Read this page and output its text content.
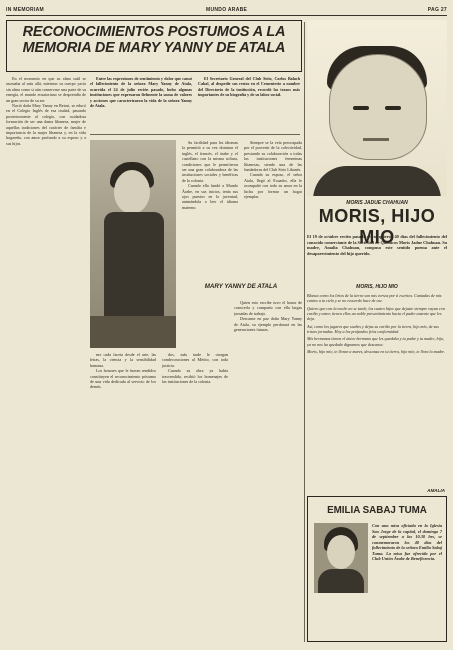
IN MEMORIAM	MUNDO ARABE	PAG 27

RECONOCIMIENTOS POSTUMOS A LA MEMORIA DE MARY YANNY DE ATALA

En el momento en que su alma sutil se asomaba al más allá, mientras su cuerpo yacía sin alma como si aún conservase una parte de su energía, el mundo ecuatoriano se desprendía de un gran sector de su ser.

Nació doña Mary Yanny en Beirut, se educó en el Colegio Inglés de esa ciudad, pasando posteriormente al colegio, con cuidadosa formación de ser una dama libanesa, mujer de aquellas tradiciones del carácter de familia e importancia de la mujer libanesa y, en la vida hogareña, con amor profundo a su esposo y a sus hijos.

Entre las expresiones de sentimiento y dolor que causó el fallecimiento de la señora Mary Yanny de Atala, ocurrida el 24 de julio recién pasado, hubo algunas instituciones que expresaron fielmente la suma de valores y acciones que caracterizaron la vida de la señora Yanny de Atala.

El Secretario General del Club Sirio, Carlos Balach Cabal, al despedir sus restos en el Cementerio a nombre del Directorio de la institución, recordó los trazos más importantes de su biografía y de su labor social.

Su facilidad para los idiomas la permitió a su vez dominar el inglés, el francés, el árabe y el castellano con la misma soltura, condiciones que le permitieron ser una gran colaboradora de las instituciones sociales y benéficas de la colonia.

Cuando ella fundó a Mundo Árabe, en sus inicios, tenía sus ojos puestos en la juventud, animándola a leer el idioma materno.

Siempre se la veía preocupada por el porvenir de la colectividad, prestando su colaboración a todas las instituciones femeninas libanesas, siendo una de las fundadoras del Club Sirio Libanés.

Cuando su esposo, el señor Atala, llegó al Ecuador, ella le acompañó con todo su amor en la lucha por formar un hogar ejemplar.

MARY YANNY DE ATALA

ner cada faceta desde el arte, las letras, la ciencia y la sensibilidad humana.

Los honores que le fueran rendidos constituyen el reconocimiento póstumo de una vida dedicada al servicio de los demás.

dos, más tarde le otorgan condecoraciones al Mérito, con toda justicia.

Cuando su obra ya había trascendido, recibió los homenajes de las instituciones de la colonia.

Quien esto escribe tuvo el honor de conocerla y compartir con ella largas jornadas de trabajo.

Descanse en paz doña Mary Yanny de Atala, su ejemplo perdurará en las generaciones futuras.

MORIS JADUE CHAHUAN
MORIS, HIJO MIO
El 19 de octubre recién pasado se cumplieron 40 días del fallecimiento del conocido comerciante de la Sociedad de Quimicos Moris Jadue Chahuan. Su madre, Amalia Chahuan, compuso este sentido poema ante el desaparecimiento del hijo querido.
MORIS, HIJO MIO

Blanca como los lirios de la tierra son mis versos por ti escritos. Cantadas de mis cantos a tu cielo y se no recuerdo hace de ose.

Quiero que con la noche no se tarde, los cuatro hijos que dejaste siempre vayan con cariño y amor, tienen ellos un noble presentimiento hacia el padre ausente que les deja.

Así, como los jugares que sueñes y dejas su cariño por la tierra, hijo mío, de sus tristes jornadas. Hoy a los profundos fríos conformidad.

Mis hermanas tienen el único hermano que les quedaba y tu padre y tu madre, hijo, ya no nos ha quedado dignamos que descanse.

Moris, hijo mío, te lloran a mares, descansa en tu tierra, hijo mío, te llora la madre.

AMALIA
EMILIA SABAJ TUMA
Con una misa oficiada en la Iglesia San Jorge de la capital, el domingo 7 de septiembre a las 10.30 hrs, se conmemoraron los 40 días del fallecimiento de la señora Emilia Sabaj Tuma. La misa fue ofrecida por el Club Unión Árabe de Beneficencia.
